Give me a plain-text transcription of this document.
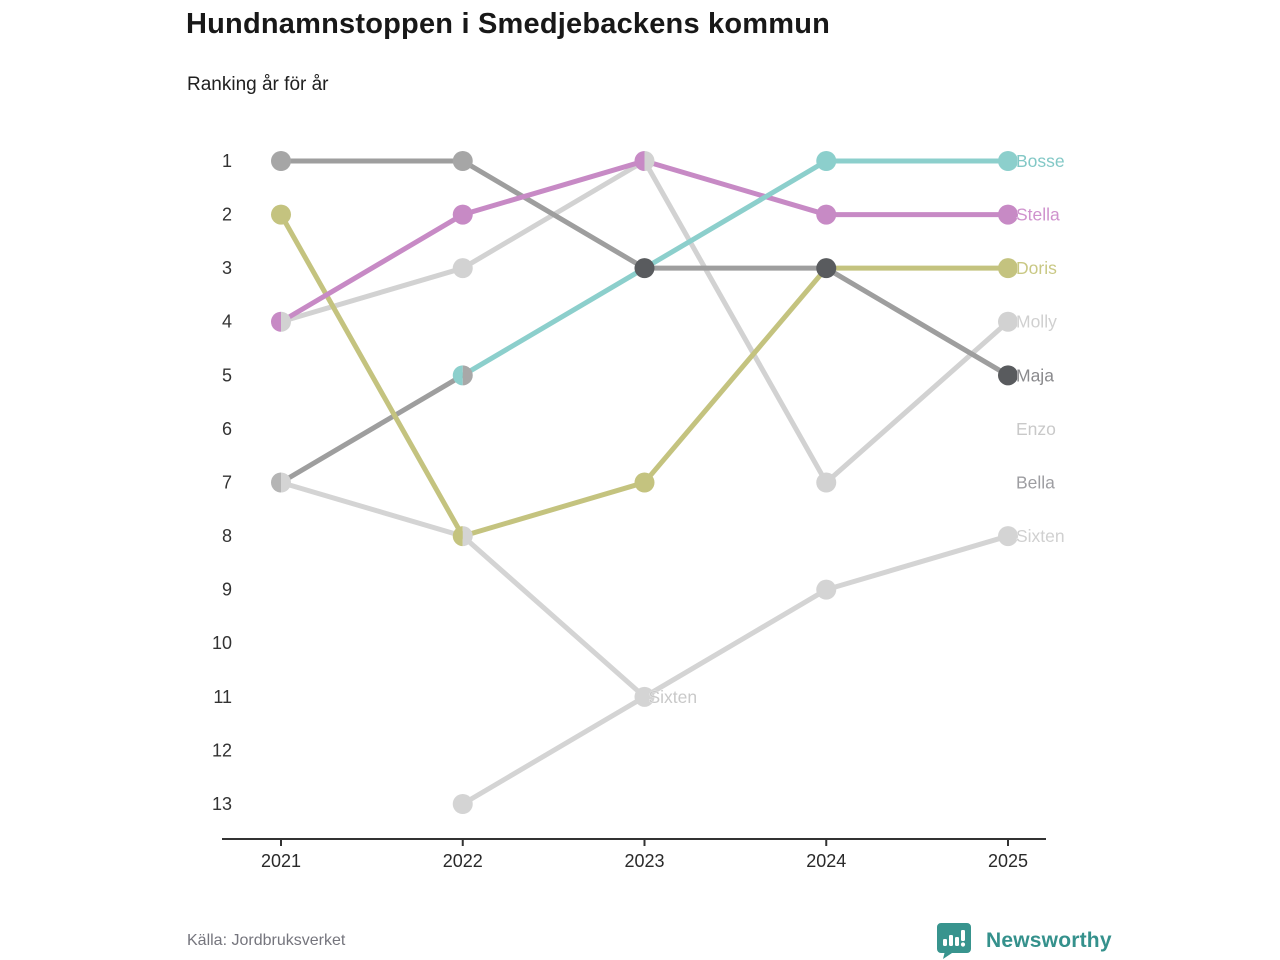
Hundnamnstoppen i Smedjebackens kommun
Ranking år för år
2021	2022	2023	2024	2025
1
2
3
4
5
6
7
8
9
10
11
12
13
Sixten
Bosse
Stella
Doris
Molly
Maja
Enzo
Bella
Sixten
Källa: Jordbruksverket	Newsworthy
